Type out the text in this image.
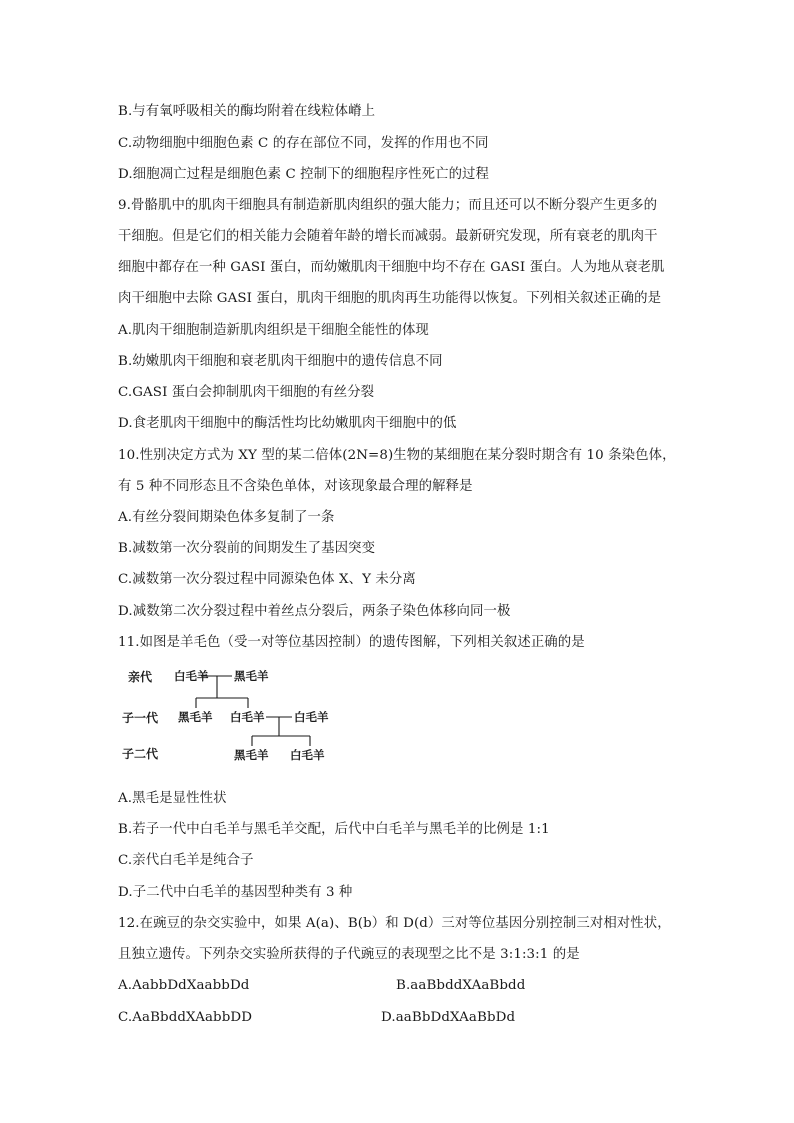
B.与有氧呼吸相关的酶均附着在线粒体嵴上
C.动物细胞中细胞色素 C 的存在部位不同，发挥的作用也不同
D.细胞凋亡过程是细胞色素 C 控制下的细胞程序性死亡的过程
9.骨骼肌中的肌肉干细胞具有制造新肌肉组织的强大能力；而且还可以不断分裂产生更多的
干细胞。但是它们的相关能力会随着年龄的增长而减弱。最新研究发现，所有衰老的肌肉干
细胞中都存在一种 GASI 蛋白，而幼嫩肌肉干细胞中均不存在 GASI 蛋白。人为地从衰老肌
肉干细胞中去除 GASI 蛋白，肌肉干细胞的肌肉再生功能得以恢复。下列相关叙述正确的是
A.肌肉干细胞制造新肌肉组织是干细胞全能性的体现
B.幼嫩肌肉干细胞和衰老肌肉干细胞中的遗传信息不同
C.GASI 蛋白会抑制肌肉干细胞的有丝分裂
D.食老肌肉干细胞中的酶活性均比幼嫩肌肉干细胞中的低
10.性别决定方式为 XY 型的某二倍体(2N=8)生物的某细胞在某分裂时期含有 10 条染色体，
有 5 种不同形态且不含染色单体，对该现象最合理的解释是
A.有丝分裂间期染色体多复制了一条
B.减数第一次分裂前的间期发生了基因突变
C.减数第一次分裂过程中同源染色体 X、Y 未分离
D.减数第二次分裂过程中着丝点分裂后，两条子染色体移向同一极
11.如图是羊毛色（受一对等位基因控制）的遗传图解，下列相关叙述正确的是
亲代 白毛羊 黑毛羊
子一代 黑毛羊 白毛羊	白毛羊
子二代	黑毛羊 白毛羊
A.黑毛是显性性状
B.若子一代中白毛羊与黑毛羊交配，后代中白毛羊与黑毛羊的比例是 1:1
C.亲代白毛羊是纯合子
D.子二代中白毛羊的基因型种类有 3 种
12.在豌豆的杂交实验中，如果 A(a)、B(b）和 D(d）三对等位基因分别控制三对相对性状，
且独立遗传。下列杂交实验所获得的子代豌豆的表现型之比不是 3:1:3:1 的是
A.AabbDdXaabbDd	B.aaBbddXAaBbdd
C.AaBbddXAabbDD	D.aaBbDdXAaBbDd
